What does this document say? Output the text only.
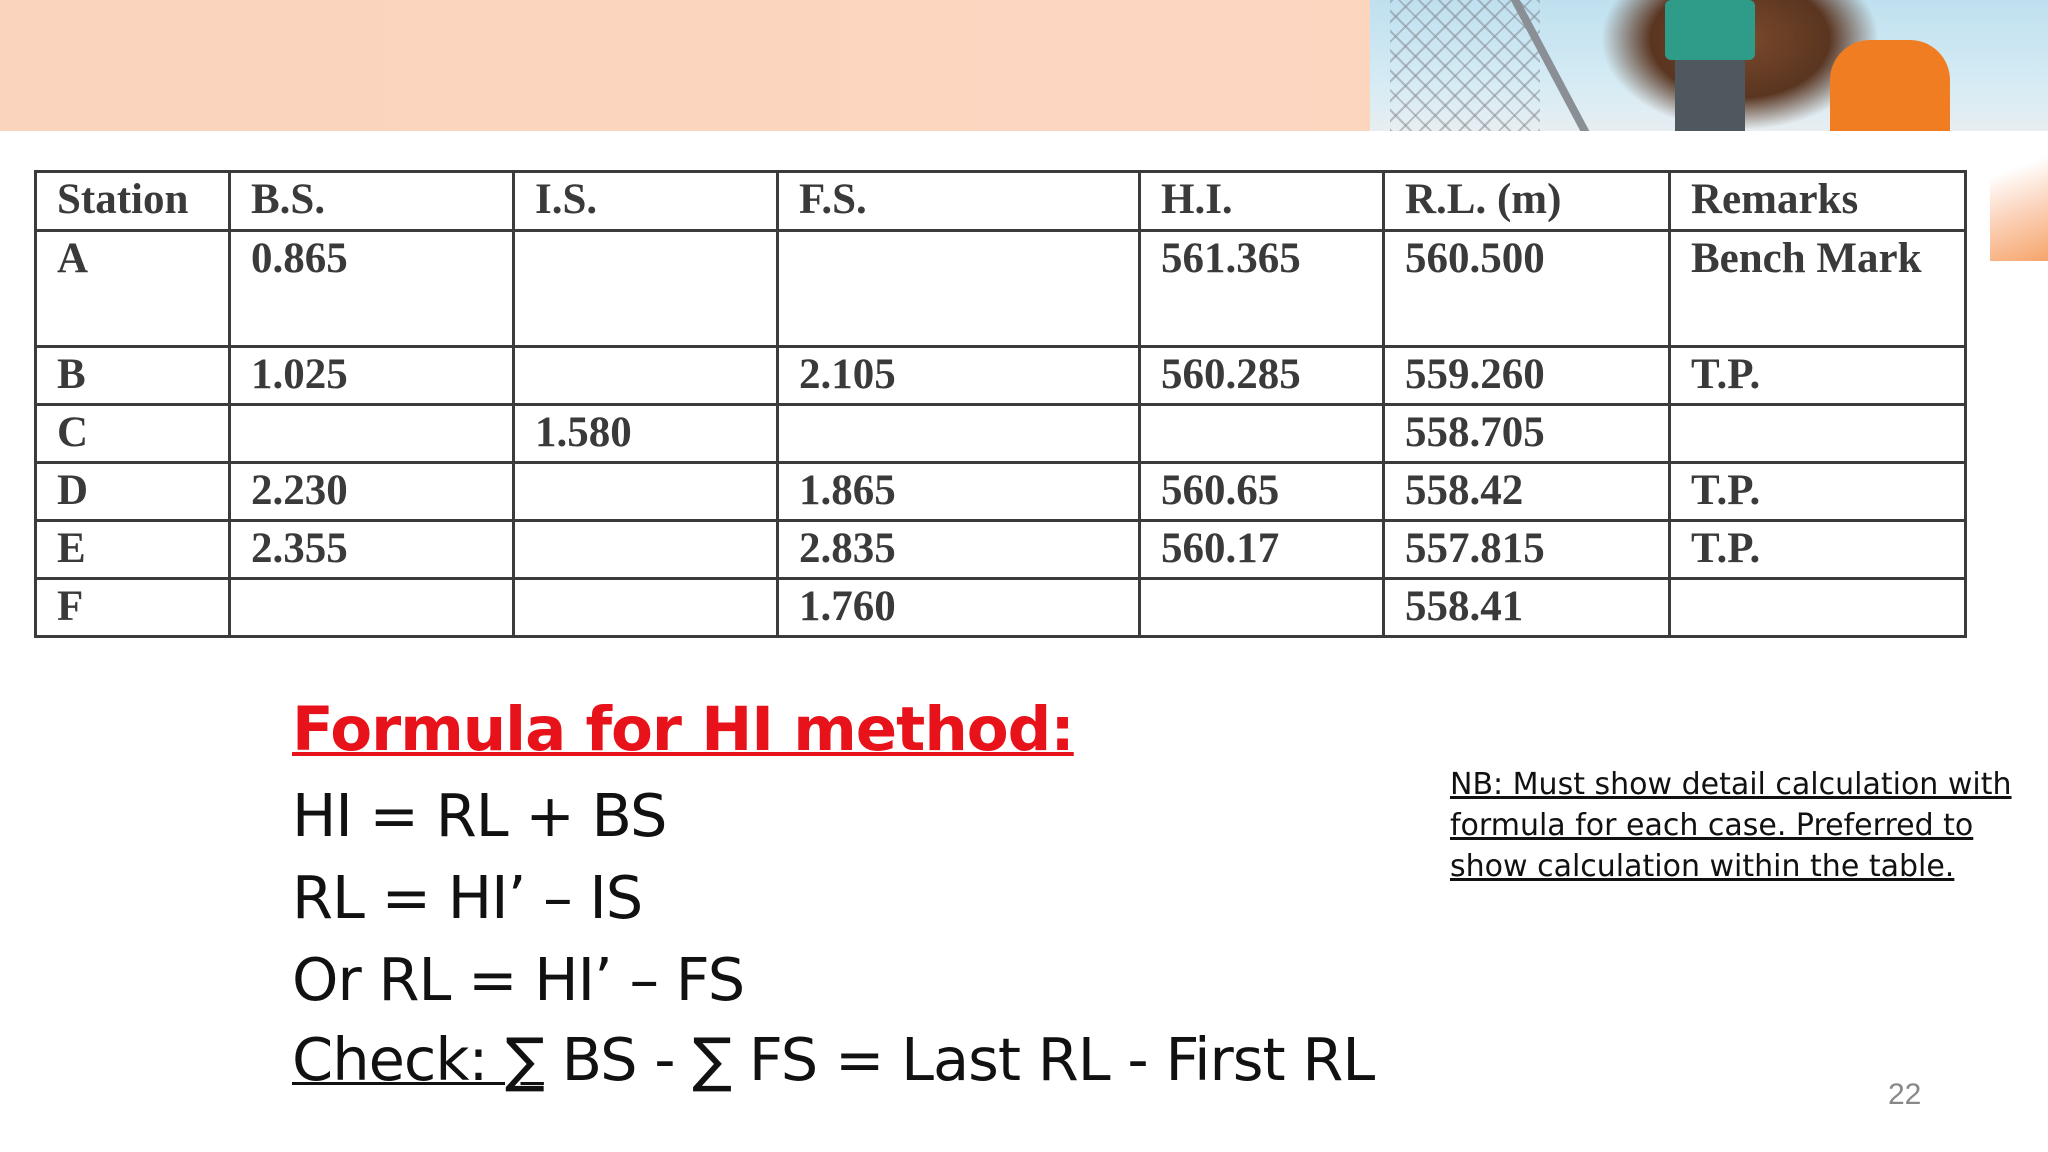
Station	B.S.	I.S.	F.S.	H.I.	R.L. (m)	Remarks
A	0.865			561.365	560.500	Bench Mark
B	1.025		2.105	560.285	559.260	T.P.
C		1.580			558.705	
D	2.230		1.865	560.65	558.42	T.P.
E	2.355		2.835	560.17	557.815	T.P.
F			1.760		558.41	
Formula for HI method:
HI = RL + BS
RL = HI’ – IS
Or RL = HI’ – FS
Check: ∑ BS - ∑ FS = Last RL - First RL
NB: Must show detail calculation with formula for each case. Preferred to show calculation within the table.
22
